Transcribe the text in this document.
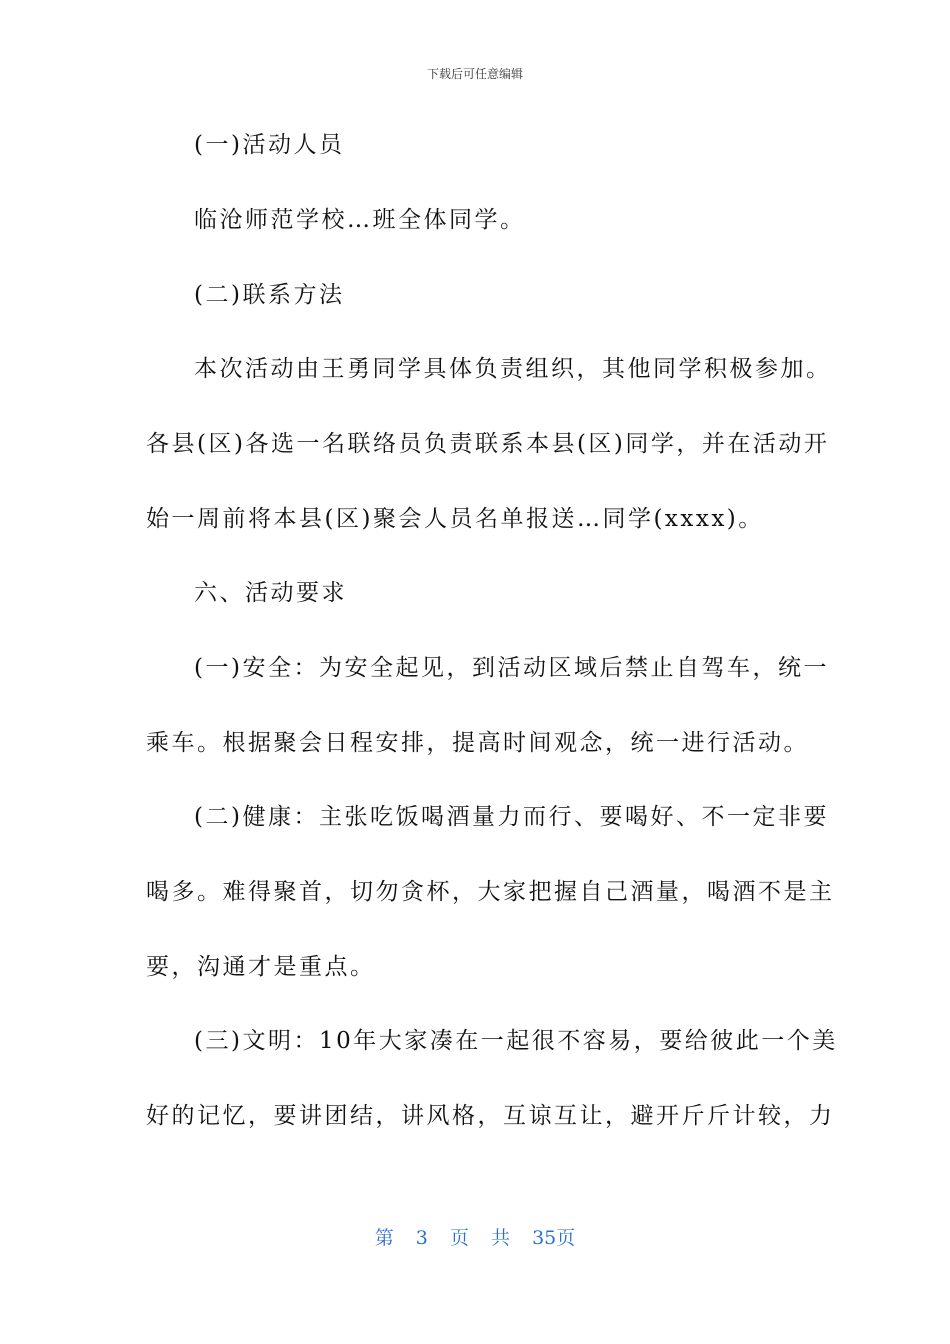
下载后可任意编辑
(一)活动人员
临沧师范学校…班全体同学。
(二)联系方法
本次活动由王勇同学具体负责组织，其他同学积极参加。
各县(区)各选一名联络员负责联系本县(区)同学，并在活动开
始一周前将本县(区)聚会人员名单报送…同学(xxxx)。
六、活动要求
(一)安全：为安全起见，到活动区域后禁止自驾车，统一
乘车。根据聚会日程安排，提高时间观念，统一进行活动。
(二)健康：主张吃饭喝酒量力而行、要喝好、不一定非要
喝多。难得聚首，切勿贪杯，大家把握自己酒量，喝酒不是主
要，沟通才是重点。
(三)文明：10年大家凑在一起很不容易，要给彼此一个美
好的记忆，要讲团结，讲风格，互谅互让，避开斤斤计较，力
第 3 页 共 35页
